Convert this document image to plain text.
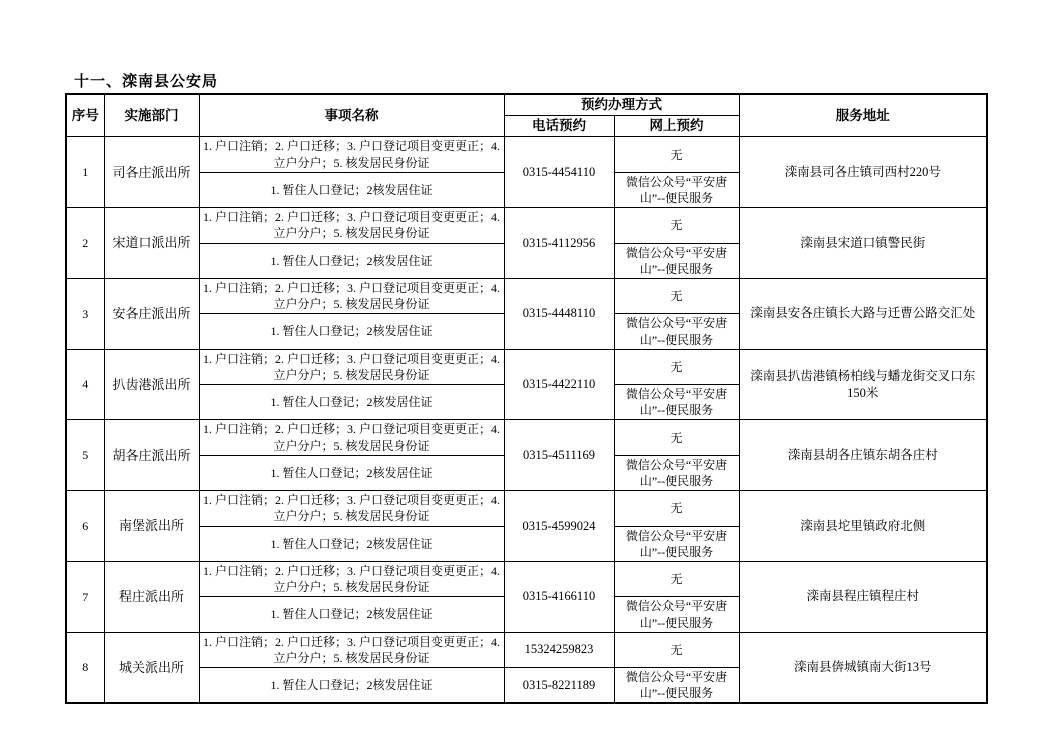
十一、滦南县公安局
序号	实施部门	事项名称	预约办理方式		服务地址
			电话预约	网上预约	
1	司各庄派出所	1. 户口注销；2. 户口迁移；3. 户口登记项目变更更正；4. 立户分户；5. 核发居民身份证	0315-4454110	无	滦南县司各庄镇司西村220号
		1. 暂住人口登记；2核发居住证		微信公众号“平安唐山”--便民服务	
2	宋道口派出所	1. 户口注销；2. 户口迁移；3. 户口登记项目变更更正；4. 立户分户；5. 核发居民身份证	0315-4112956	无	滦南县宋道口镇警民街
		1. 暂住人口登记；2核发居住证		微信公众号“平安唐山”--便民服务	
3	安各庄派出所	1. 户口注销；2. 户口迁移；3. 户口登记项目变更更正；4. 立户分户；5. 核发居民身份证	0315-4448110	无	滦南县安各庄镇长大路与迁曹公路交汇处
		1. 暂住人口登记；2核发居住证		微信公众号“平安唐山”--便民服务	
4	扒齿港派出所	1. 户口注销；2. 户口迁移；3. 户口登记项目变更更正；4. 立户分户；5. 核发居民身份证	0315-4422110	无	滦南县扒齿港镇杨柏线与蟠龙街交叉口东150米
		1. 暂住人口登记；2核发居住证		微信公众号“平安唐山”--便民服务	
5	胡各庄派出所	1. 户口注销；2. 户口迁移；3. 户口登记项目变更更正；4. 立户分户；5. 核发居民身份证	0315-4511169	无	滦南县胡各庄镇东胡各庄村
		1. 暂住人口登记；2核发居住证		微信公众号“平安唐山”--便民服务	
6	南堡派出所	1. 户口注销；2. 户口迁移；3. 户口登记项目变更更正；4. 立户分户；5. 核发居民身份证	0315-4599024	无	滦南县坨里镇政府北侧
		1. 暂住人口登记；2核发居住证		微信公众号“平安唐山”--便民服务	
7	程庄派出所	1. 户口注销；2. 户口迁移；3. 户口登记项目变更更正；4. 立户分户；5. 核发居民身份证	0315-4166110	无	滦南县程庄镇程庄村
		1. 暂住人口登记；2核发居住证		微信公众号“平安唐山”--便民服务	
8	城关派出所	1. 户口注销；2. 户口迁移；3. 户口登记项目变更更正；4. 立户分户；5. 核发居民身份证	15324259823	无	滦南县倴城镇南大街13号
		1. 暂住人口登记；2核发居住证	0315-8221189	微信公众号“平安唐山”--便民服务	
